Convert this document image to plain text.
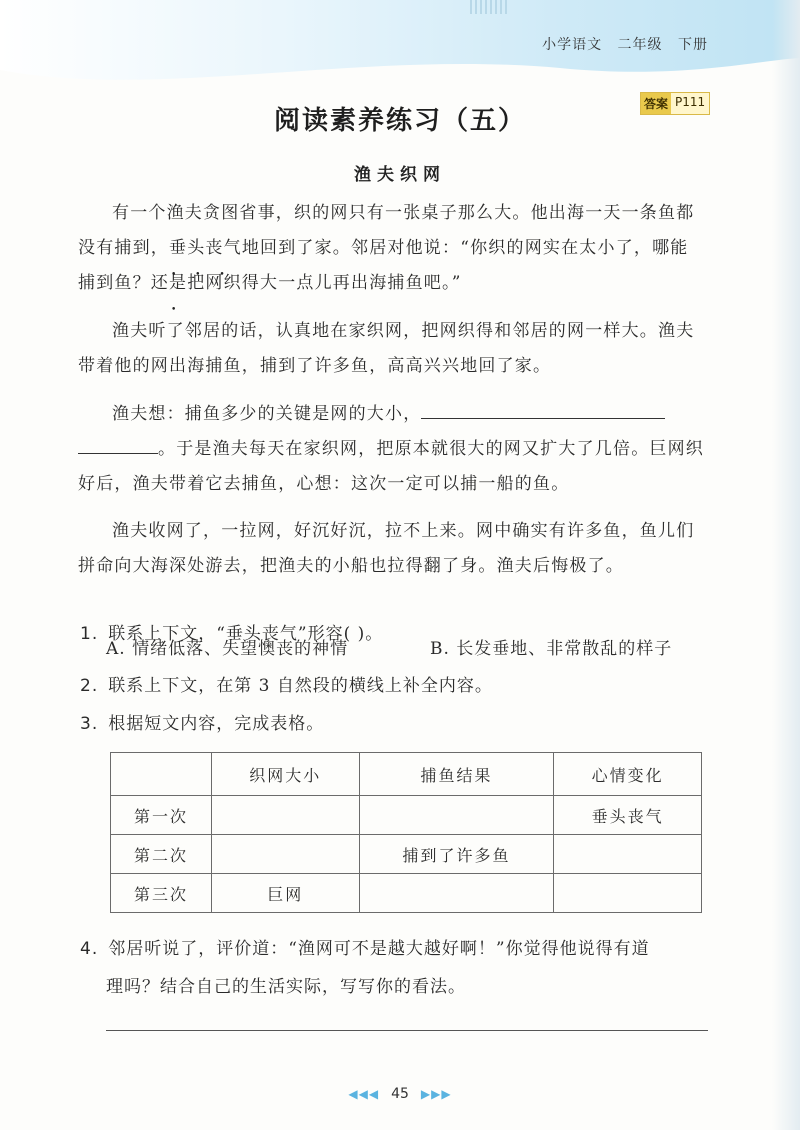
小学语文 二年级 下册
答案 P111
阅读素养练习（五）
渔夫织网

有一个渔夫贪图省事，织的网只有一张桌子那么大。他出海一天一条鱼都没有捕到，垂头丧气 • • • •地回到了家。邻居对他说：“你织的网实在太小了，哪能捕到鱼？还是把网织得大一点儿再出海捕鱼吧。”

渔夫听了邻居的话，认真地在家织网，把网织得和邻居的网一样大。渔夫带着他的网出海捕鱼，捕到了许多鱼，高高兴兴地回了家。

渔夫想：捕鱼多少的关键是网的大小，。于是渔夫每天在家织网，把原本就很大的网又扩大了几倍。巨网织好后，渔夫带着它去捕鱼，心想：这次一定可以捕一船的鱼。

渔夫收网了，一拉网，好沉好沉，拉不上来。网中确实有许多鱼，鱼儿们拼命向大海深处游去，把渔夫的小船也拉得翻了身。渔夫后悔极了。

1. 联系上下文，“垂头丧气”形容( )。
A. 情绪低落、失望懊丧的神情	B. 长发垂地、非常散乱的样子
2. 联系上下文，在第 3 自然段的横线上补全内容。
3. 根据短文内容，完成表格。
	织网大小	捕鱼结果	心情变化
第一次			垂头丧气
第二次		捕到了许多鱼	
第三次	巨网		
4. 邻居听说了，评价道：“渔网可不是越大越好啊！”你觉得他说得有道
理吗？结合自己的生活实际，写写你的看法。
◀◀◀ 45 ▶▶▶
